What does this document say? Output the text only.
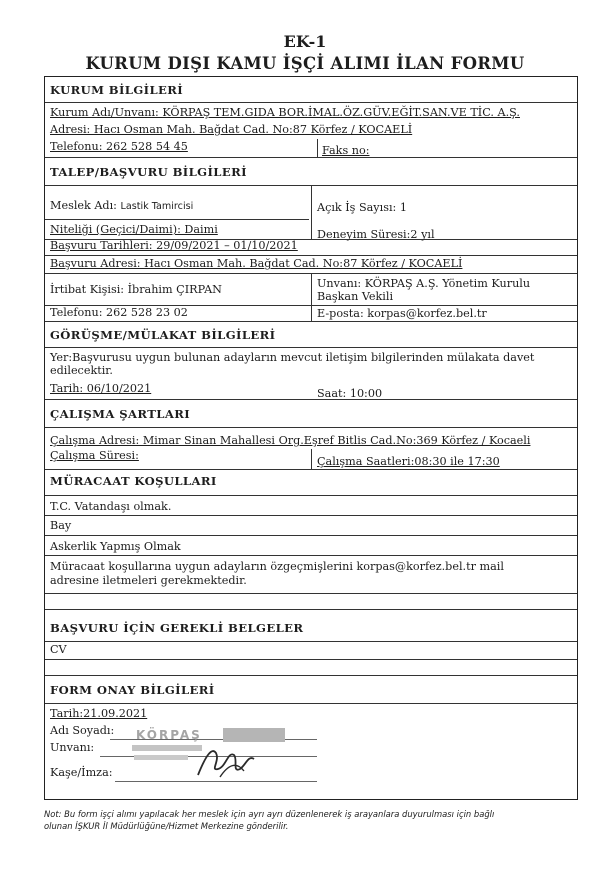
EK-1
KURUM DIŞI KAMU İŞÇİ ALIMI İLAN FORMU
KURUM BİLGİLERİ
Kurum Adı/Unvanı: KÖRPAŞ TEM.GIDA BOR.İMAL.ÖZ.GÜV.EĞİT.SAN.VE TİC. A.Ş.
Adresi: Hacı Osman Mah. Bağdat Cad. No:87 Körfez / KOCAELİ
Telefonu: 262 528 54 45	Faks no:
TALEP/BAŞVURU BİLGİLERİ
Meslek Adı: Lastik Tamircisi	Açık İş Sayısı: 1
Niteliği (Geçici/Daimi): Daimi	Deneyim Süresi:2 yıl
Başvuru Tarihleri: 29/09/2021 – 01/10/2021
Başvuru Adresi: Hacı Osman Mah. Bağdat Cad. No:87 Körfez / KOCAELİ
İrtibat Kişisi: İbrahim ÇIRPAN	Unvanı: KÖRPAŞ A.Ş. Yönetim Kurulu
Başkan Vekili
Telefonu: 262 528 23 02	E-posta: korpas@korfez.bel.tr
GÖRÜŞME/MÜLAKAT BİLGİLERİ
Yer:Başvurusu uygun bulunan adayların mevcut iletişim bilgilerinden mülakata davet
edilecektir.
Tarih: 06/10/2021	Saat: 10:00
ÇALIŞMA ŞARTLARI
Çalışma Adresi: Mimar Sinan Mahallesi Org.Eşref Bitlis Cad.No:369 Körfez / Kocaeli
Çalışma Süresi:	Çalışma Saatleri:08:30 ile 17:30
MÜRACAAT KOŞULLARI
T.C. Vatandaşı olmak.
Bay
Askerlik Yapmış Olmak
Müracaat koşullarına uygun adayların özgeçmişlerini korpas@korfez.bel.tr mail
adresine iletmeleri gerekmektedir.
BAŞVURU İÇİN GEREKLİ BELGELER
CV
FORM ONAY BİLGİLERİ
Tarih:21.09.2021
Adı Soyadı:
Unvanı:
Kaşe/İmza:
KÖRPAŞ
Not: Bu form işçi alımı yapılacak her meslek için ayrı ayrı düzenlenerek iş arayanlara duyurulması için bağlı
olunan İŞKUR İl Müdürlüğüne/Hizmet Merkezine gönderilir.
